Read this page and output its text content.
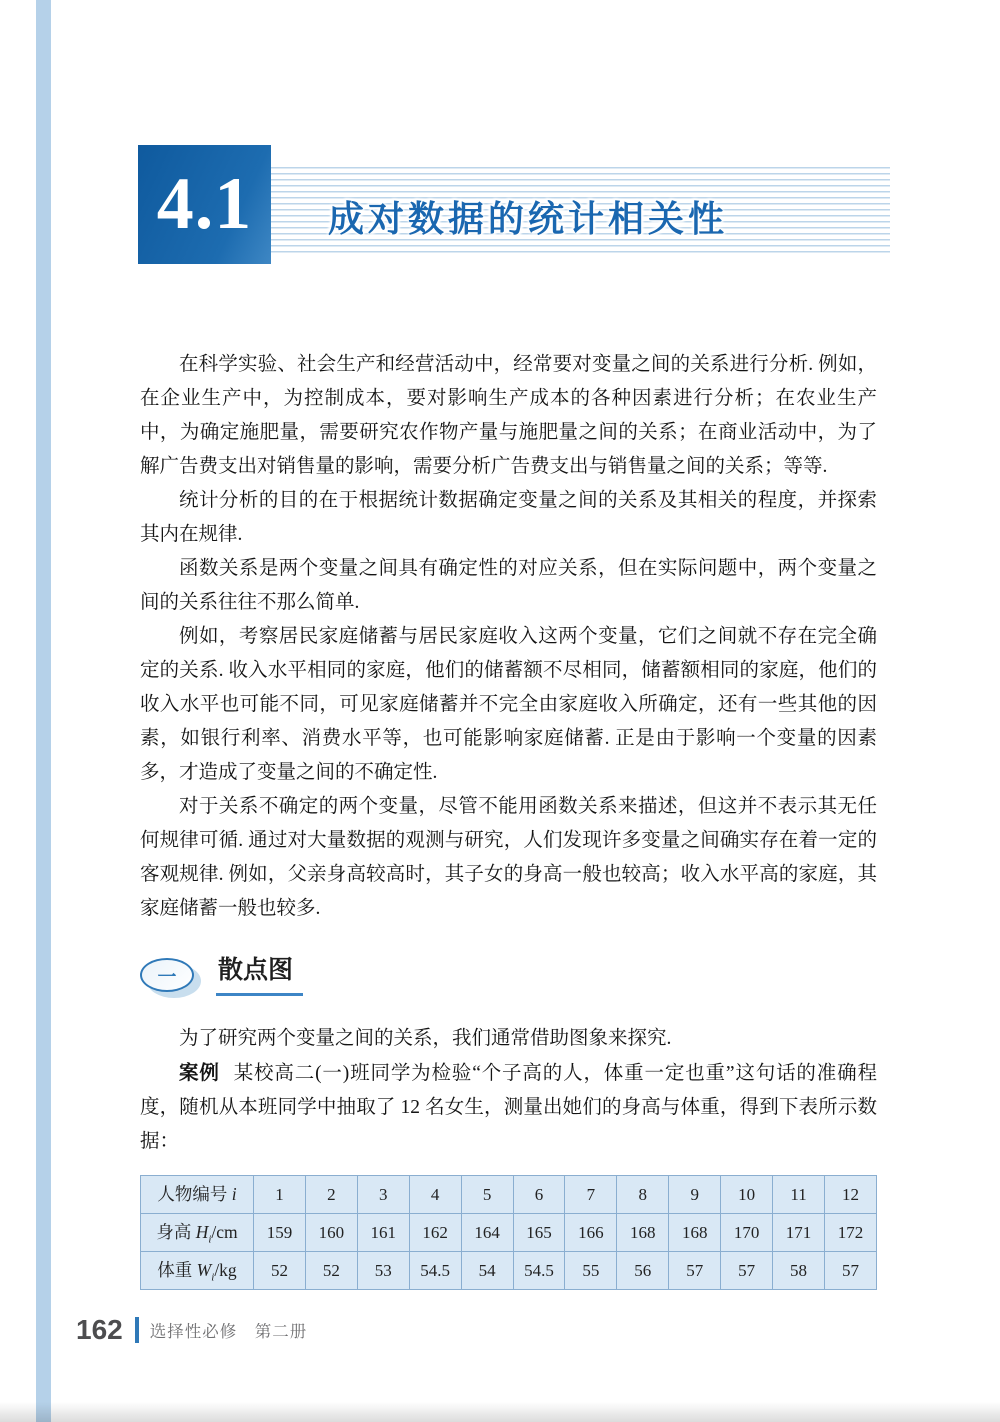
4.1 成对数据的统计相关性

在科学实验、社会生产和经营活动中，经常要对变量之间的关系进行分析. 例如，在企业生产中，为控制成本，要对影响生产成本的各种因素进行分析；在农业生产中，为确定施肥量，需要研究农作物产量与施肥量之间的关系；在商业活动中，为了解广告费支出对销售量的影响，需要分析广告费支出与销售量之间的关系；等等.

统计分析的目的在于根据统计数据确定变量之间的关系及其相关的程度，并探索其内在规律.

函数关系是两个变量之间具有确定性的对应关系，但在实际问题中，两个变量之间的关系往往不那么简单.

例如，考察居民家庭储蓄与居民家庭收入这两个变量，它们之间就不存在完全确定的关系. 收入水平相同的家庭，他们的储蓄额不尽相同，储蓄额相同的家庭，他们的收入水平也可能不同，可见家庭储蓄并不完全由家庭收入所确定，还有一些其他的因素，如银行利率、消费水平等，也可能影响家庭储蓄. 正是由于影响一个变量的因素多，才造成了变量之间的不确定性.

对于关系不确定的两个变量，尽管不能用函数关系来描述，但这并不表示其无任何规律可循. 通过对大量数据的观测与研究，人们发现许多变量之间确实存在着一定的客观规律. 例如，父亲身高较高时，其子女的身高一般也较高；收入水平高的家庭，其家庭储蓄一般也较多.

一	散点图

为了研究两个变量之间的关系，我们通常借助图象来探究.

案例 某校高二(一)班同学为检验“个子高的人，体重一定也重”这句话的准确程度，随机从本班同学中抽取了 12 名女生，测量出她们的身高与体重，得到下表所示数据：

人物编号 i	1	2	3	4	5	6	7	8	9	10	11	12
身高 $H_i/cm$	159	160	161	162	164	165	166	168	168	170	171	172
体重 $W_i/kg$	52	52	53	54.5	54	54.5	55	56	57	57	58	57
162 选择性必修　第二册
